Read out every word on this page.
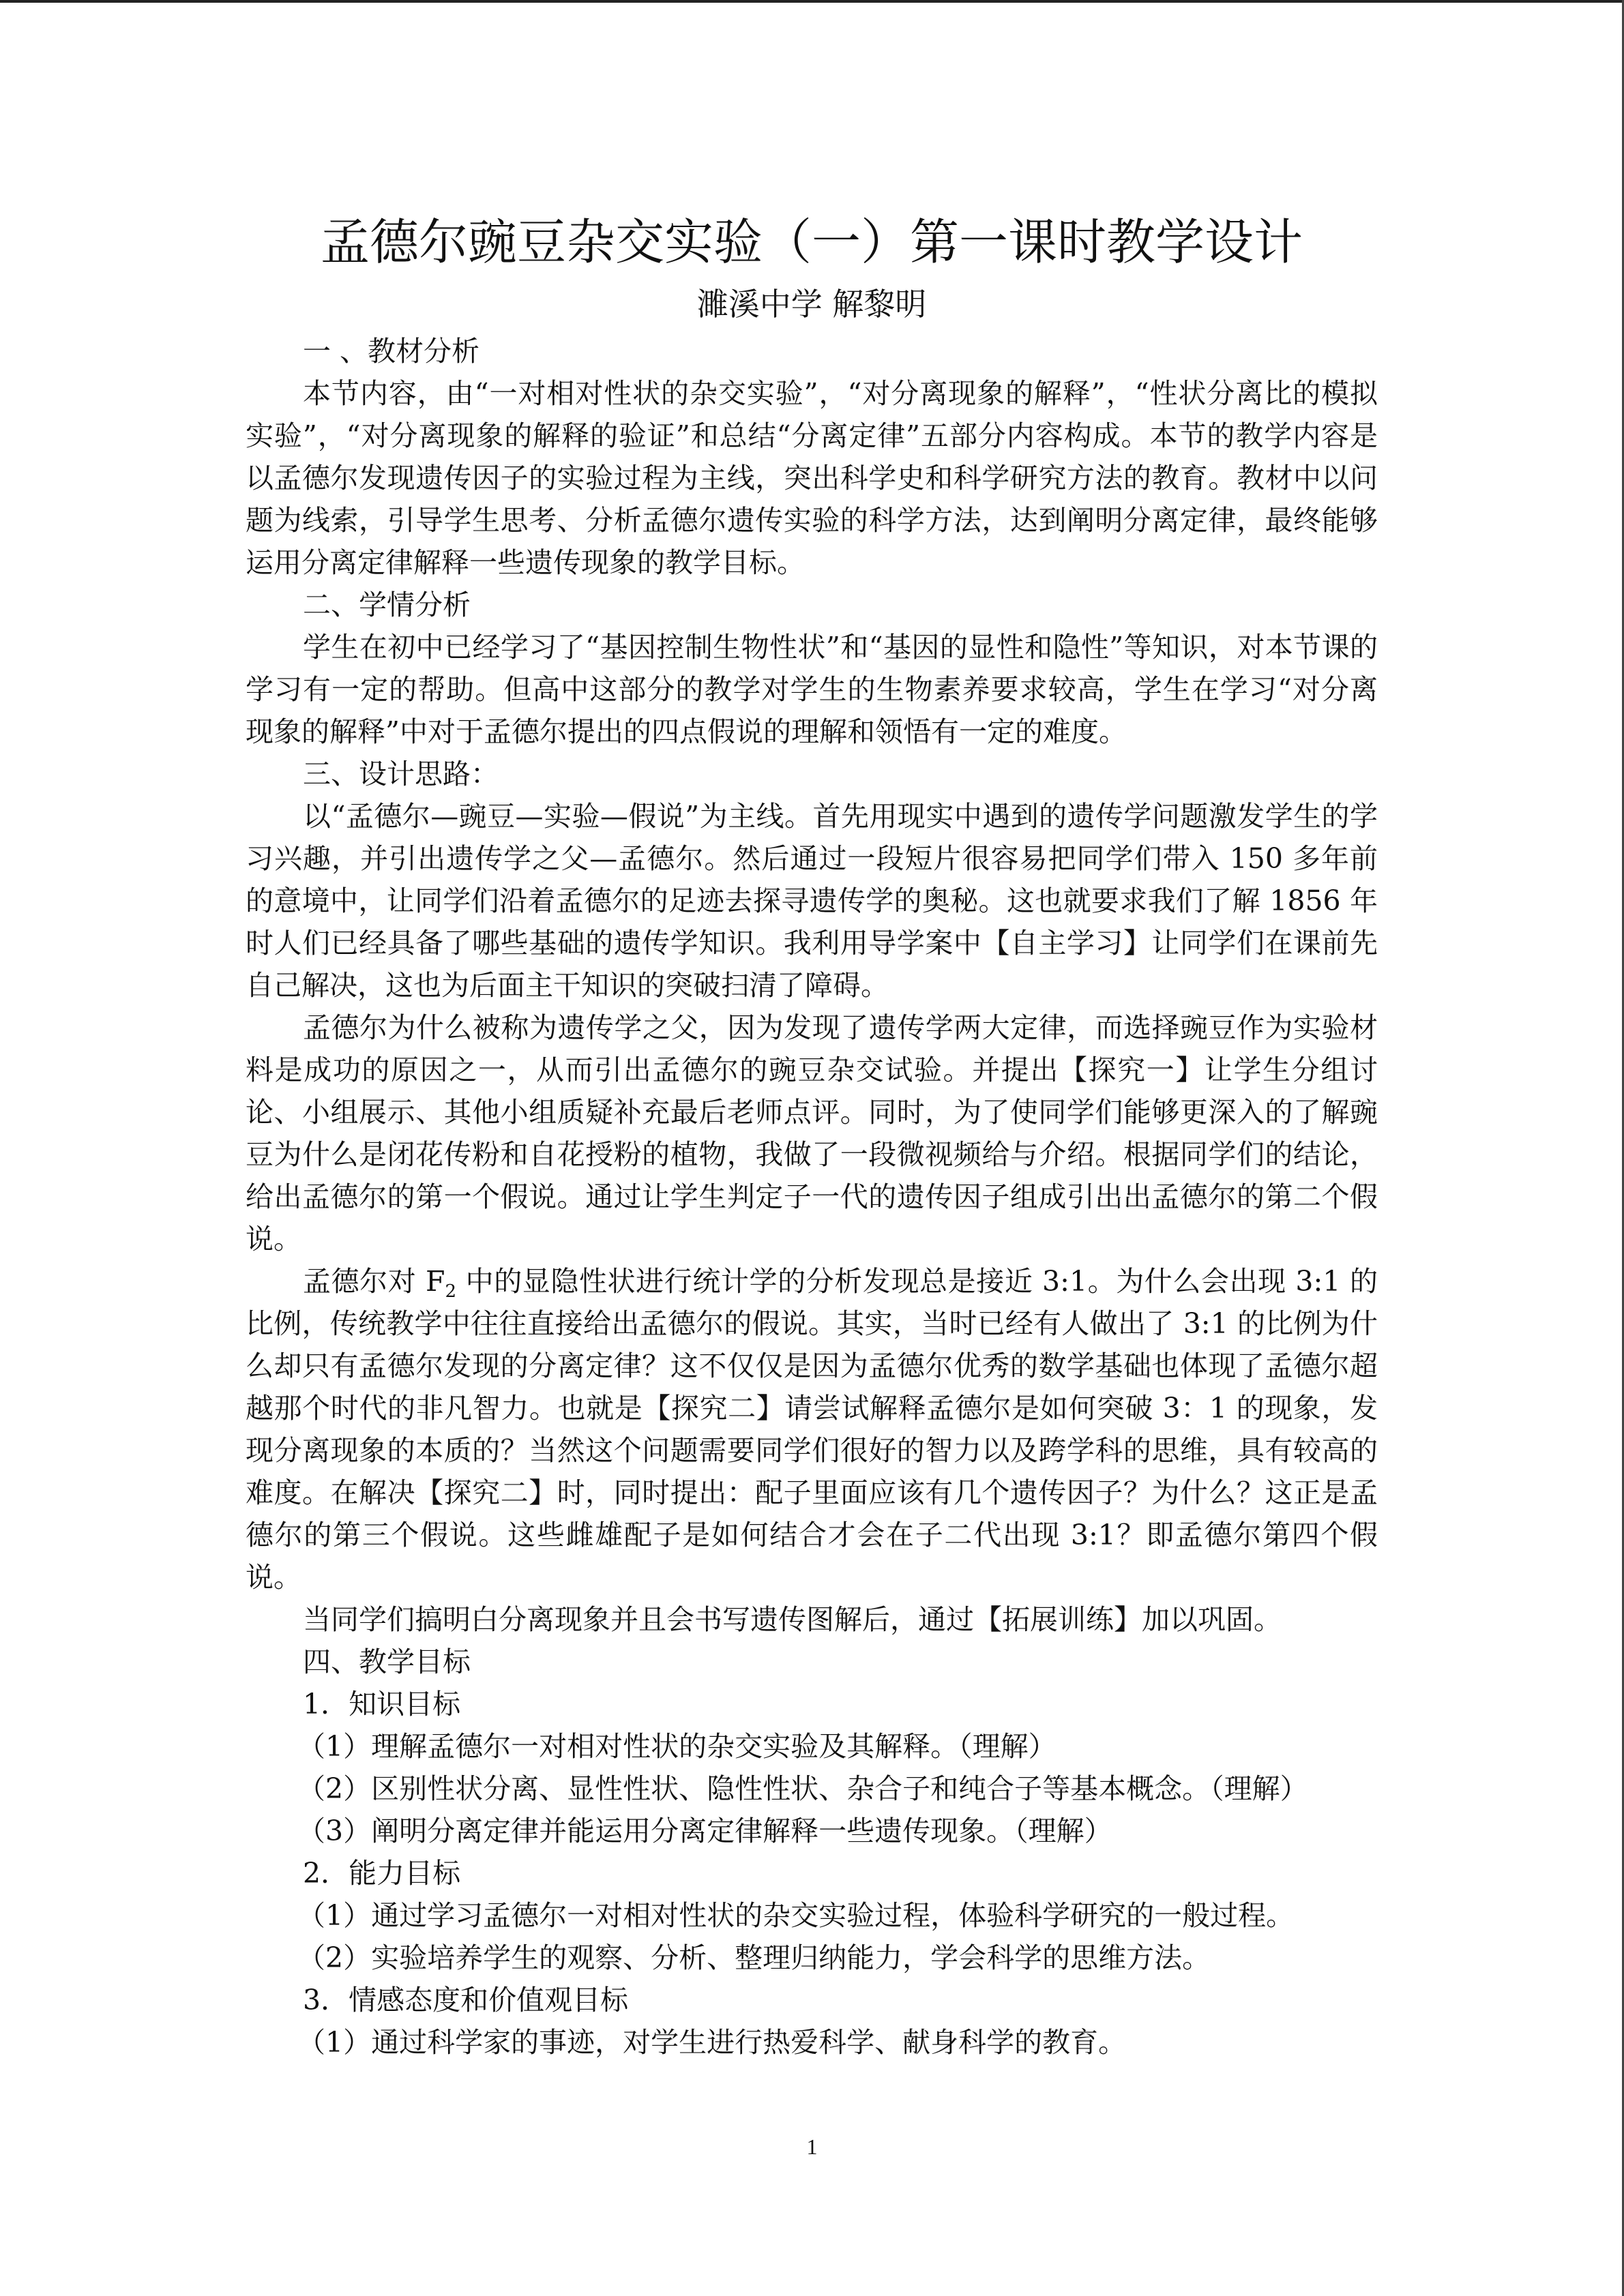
孟德尔豌豆杂交实验（一）第一课时教学设计
濉溪中学 解黎明
一 、教材分析

本节内容，由“一对相对性状的杂交实验”，“对分离现象的解释”，“性状分离比的模拟实验”，“对分离现象的解释的验证”和总结“分离定律”五部分内容构成。本节的教学内容是以孟德尔发现遗传因子的实验过程为主线，突出科学史和科学研究方法的教育。教材中以问题为线索，引导学生思考、分析孟德尔遗传实验的科学方法，达到阐明分离定律，最终能够运用分离定律解释一些遗传现象的教学目标。

二、学情分析

学生在初中已经学习了“基因控制生物性状”和“基因的显性和隐性”等知识，对本节课的学习有一定的帮助。但高中这部分的教学对学生的生物素养要求较高，学生在学习“对分离现象的解释”中对于孟德尔提出的四点假说的理解和领悟有一定的难度。

三、设计思路：

以“孟德尔—豌豆—实验—假说”为主线。首先用现实中遇到的遗传学问题激发学生的学习兴趣，并引出遗传学之父—孟德尔。然后通过一段短片很容易把同学们带入 150 多年前的意境中，让同学们沿着孟德尔的足迹去探寻遗传学的奥秘。这也就要求我们了解 1856 年时人们已经具备了哪些基础的遗传学知识。我利用导学案中【自主学习】让同学们在课前先自己解决，这也为后面主干知识的突破扫清了障碍。

孟德尔为什么被称为遗传学之父，因为发现了遗传学两大定律，而选择豌豆作为实验材料是成功的原因之一，从而引出孟德尔的豌豆杂交试验。并提出【探究一】让学生分组讨论、小组展示、其他小组质疑补充最后老师点评。同时，为了使同学们能够更深入的了解豌豆为什么是闭花传粉和自花授粉的植物，我做了一段微视频给与介绍。根据同学们的结论，给出孟德尔的第一个假说。通过让学生判定子一代的遗传因子组成引出出孟德尔的第二个假说。

孟德尔对 $F_2$ 中的显隐性状进行统计学的分析发现总是接近 3:1。为什么会出现 3:1 的比例，传统教学中往往直接给出孟德尔的假说。其实，当时已经有人做出了 3:1 的比例为什么却只有孟德尔发现的分离定律？这不仅仅是因为孟德尔优秀的数学基础也体现了孟德尔超越那个时代的非凡智力。也就是【探究二】请尝试解释孟德尔是如何突破 3：1 的现象，发现分离现象的本质的？当然这个问题需要同学们很好的智力以及跨学科的思维，具有较高的难度。在解决【探究二】时，同时提出：配子里面应该有几个遗传因子？为什么？这正是孟德尔的第三个假说。这些雌雄配子是如何结合才会在子二代出现 3:1？即孟德尔第四个假说。

当同学们搞明白分离现象并且会书写遗传图解后，通过【拓展训练】加以巩固。

四、教学目标
1．知识目标
（1）理解孟德尔一对相对性状的杂交实验及其解释。（理解）
（2）区别性状分离、显性性状、隐性性状、杂合子和纯合子等基本概念。（理解）
（3）阐明分离定律并能运用分离定律解释一些遗传现象。（理解）
2．能力目标
（1）通过学习孟德尔一对相对性状的杂交实验过程，体验科学研究的一般过程。
（2）实验培养学生的观察、分析、整理归纳能力，学会科学的思维方法。
3．情感态度和价值观目标
（1）通过科学家的事迹，对学生进行热爱科学、献身科学的教育。
1
